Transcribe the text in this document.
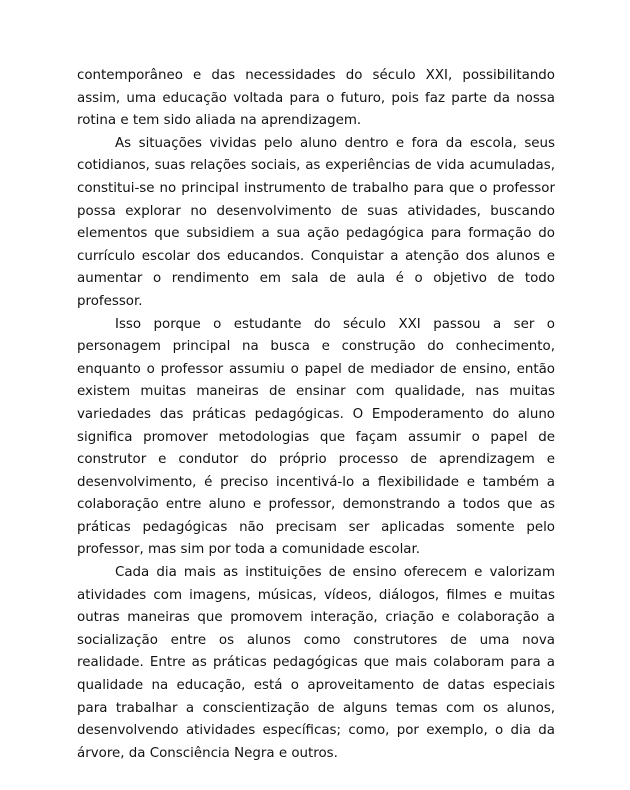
contemporâneo e das necessidades do século XXI, possibilitando assim, uma educação voltada para o futuro, pois faz parte da nossa rotina e tem sido aliada na aprendizagem.

As situações vividas pelo aluno dentro e fora da escola, seus cotidianos, suas relações sociais, as experiências de vida acumuladas, constitui-se no principal instrumento de trabalho para que o professor possa explorar no desenvolvimento de suas atividades, buscando elementos que subsidiem a sua ação pedagógica para formação do currículo escolar dos educandos. Conquistar a atenção dos alunos e aumentar o rendimento em sala de aula é o objetivo de todo professor.

Isso porque o estudante do século XXI passou a ser o personagem principal na busca e construção do conhecimento, enquanto o professor assumiu o papel de mediador de ensino, então existem muitas maneiras de ensinar com qualidade, nas muitas variedades das práticas pedagógicas. O Empoderamento do aluno significa promover metodologias que façam assumir o papel de construtor e condutor do próprio processo de aprendizagem e desenvolvimento, é preciso incentivá-lo a flexibilidade e também a colaboração entre aluno e professor, demonstrando a todos que as práticas pedagógicas não precisam ser aplicadas somente pelo professor, mas sim por toda a comunidade escolar.

Cada dia mais as instituições de ensino oferecem e valorizam atividades com imagens, músicas, vídeos, diálogos, filmes e muitas outras maneiras que promovem interação, criação e colaboração a socialização entre os alunos como construtores de uma nova realidade. Entre as práticas pedagógicas que mais colaboram para a qualidade na educação, está o aproveitamento de datas especiais para trabalhar a conscientização de alguns temas com os alunos, desenvolvendo atividades específicas; como, por exemplo, o dia da árvore, da Consciência Negra e outros.
